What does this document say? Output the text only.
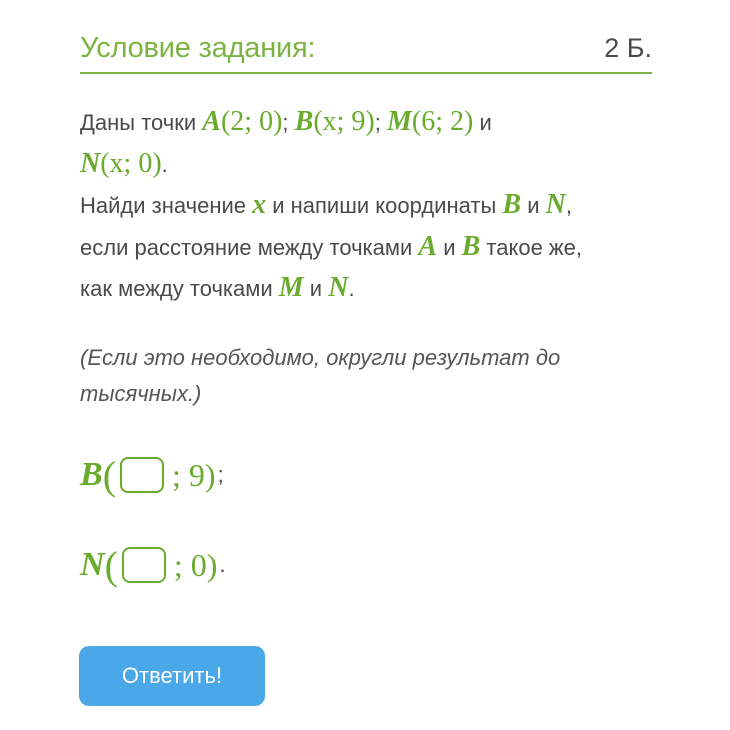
Условие задания:	2 Б.
Даны точки A(2; 0); B(x; 9); M(6; 2) и
N(x; 0).
Найди значение x и напиши координаты B и N,
если расстояние между точками A и B такое же,
как между точками M и N.
(Если это необходимо, округли результат до тысячных.)
B ( ; 9) ;
N ( ; 0) .
Ответить!
